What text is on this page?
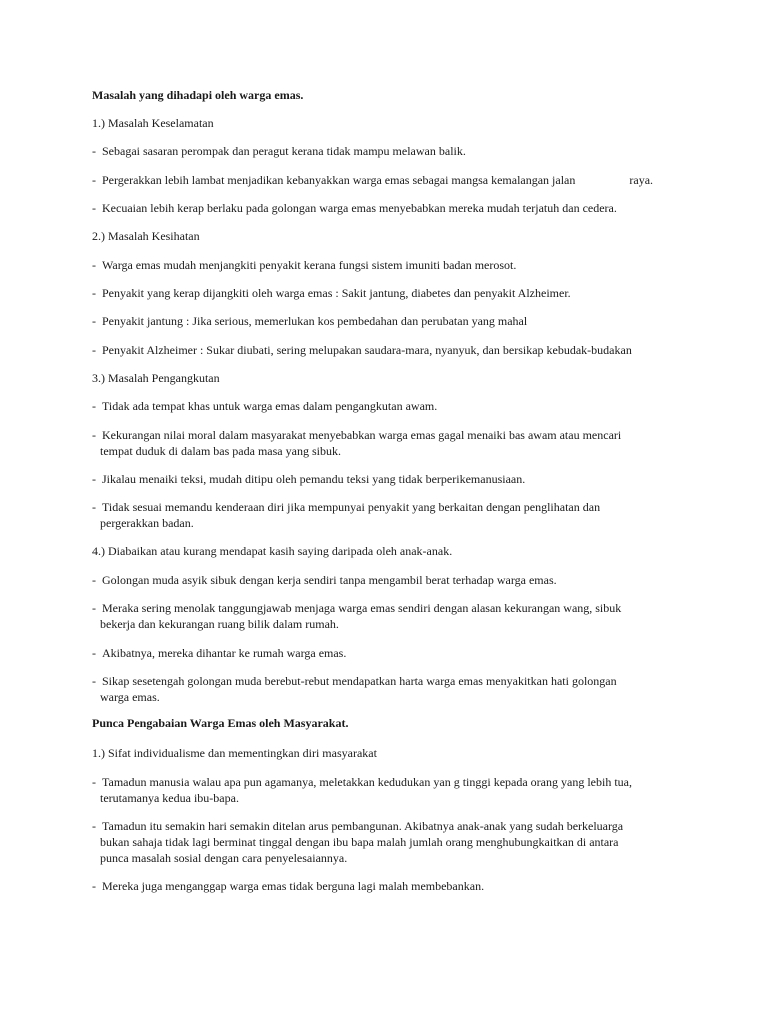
Masalah yang dihadapi oleh warga emas.

1.) Masalah Keselamatan

- Sebagai sasaran perompak dan peragut kerana tidak mampu melawan balik.
- Pergerakkan lebih lambat menjadikan kebanyakkan warga emas sebagai mangsa kemalangan jalan	raya.
- Kecuaian lebih kerap berlaku pada golongan warga emas menyebabkan mereka mudah terjatuh dan cedera.

2.) Masalah Kesihatan

- Warga emas mudah menjangkiti penyakit kerana fungsi sistem imuniti badan merosot.
- Penyakit yang kerap dijangkiti oleh warga emas : Sakit jantung, diabetes dan penyakit Alzheimer.
- Penyakit jantung : Jika serious, memerlukan kos pembedahan dan perubatan yang mahal
- Penyakit Alzheimer : Sukar diubati, sering melupakan saudara-mara, nyanyuk, dan bersikap kebudak-budakan

3.) Masalah Pengangkutan

- Tidak ada tempat khas untuk warga emas dalam pengangkutan awam.
- Kekurangan nilai moral dalam masyarakat menyebabkan warga emas gagal menaiki bas awam atau mencari
tempat duduk di dalam bas pada masa yang sibuk.
- Jikalau menaiki teksi, mudah ditipu oleh pemandu teksi yang tidak berperikemanusiaan.
- Tidak sesuai memandu kenderaan diri jika mempunyai penyakit yang berkaitan dengan penglihatan dan
pergerakkan badan.

4.) Diabaikan atau kurang mendapat kasih saying daripada oleh anak-anak.

- Golongan muda asyik sibuk dengan kerja sendiri tanpa mengambil berat terhadap warga emas.
- Meraka sering menolak tanggungjawab menjaga warga emas sendiri dengan alasan kekurangan wang, sibuk
bekerja dan kekurangan ruang bilik dalam rumah.
- Akibatnya, mereka dihantar ke rumah warga emas.
- Sikap sesetengah golongan muda berebut-rebut mendapatkan harta warga emas menyakitkan hati golongan
warga emas.

Punca Pengabaian Warga Emas oleh Masyarakat.

1.) Sifat individualisme dan mementingkan diri masyarakat

- Tamadun manusia walau apa pun agamanya, meletakkan kedudukan yan g tinggi kepada orang yang lebih tua,
terutamanya kedua ibu-bapa.
- Tamadun itu semakin hari semakin ditelan arus pembangunan. Akibatnya anak-anak yang sudah berkeluarga
bukan sahaja tidak lagi berminat tinggal dengan ibu bapa malah jumlah orang menghubungkaitkan di antara
punca masalah sosial dengan cara penyelesaiannya.
- Mereka juga menganggap warga emas tidak berguna lagi malah membebankan.
